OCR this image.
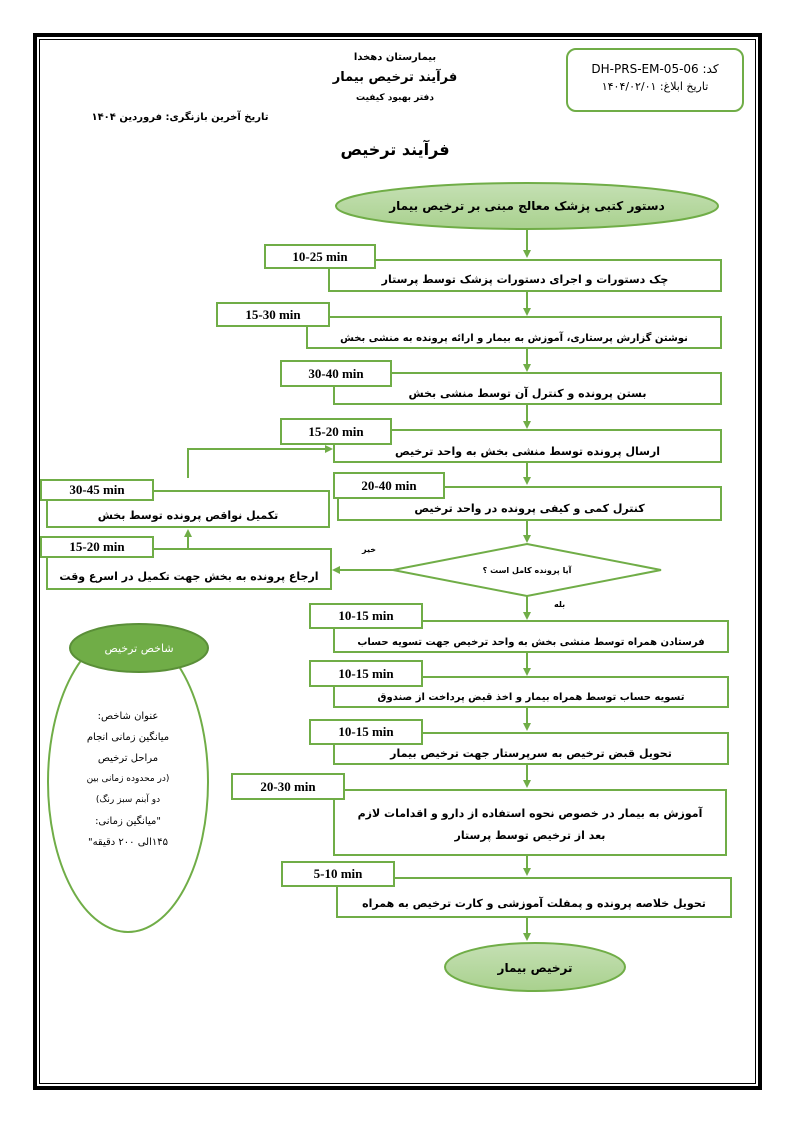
بیمارستان دهخدا
فرآیند ترخیص بیمار
دفتر بهبود کیفیت
تاریخ آخرین بازنگری: فروردین ۱۴۰۴
فرآیند ترخیص
کد: DH-PRS-EM-05-06
تاریخ ابلاغ: ۱۴۰۴/۰۲/۰۱
دستور کتبی پزشک معالج مبنی بر ترخیص بیمار
چک دستورات و اجرای دستورات پزشک توسط پرستار
10-25 min
نوشتن گزارش پرستاری، آموزش به بیمار و ارائه پرونده به منشی بخش
15-30 min
بستن پرونده و کنترل آن توسط منشی بخش
30-40 min
ارسال پرونده توسط منشی بخش به واحد ترخیص
15-20 min
کنترل کمی و کیفی پرونده در واحد ترخیص
20-40 min
آیا پرونده کامل است ؟
خیر
بله
تکمیل نواقص پرونده توسط بخش
30-45 min
ارجاع پرونده به بخش جهت تکمیل در اسرع وقت
15-20 min
فرستادن همراه توسط منشی بخش به واحد ترخیص جهت تسویه حساب
10-15 min
تسویه حساب توسط همراه بیمار و اخذ قبض پرداخت از صندوق
10-15 min
تحویل قبض ترخیص به سرپرستار جهت ترخیص بیمار
10-15 min
آموزش به بیمار در خصوص نحوه استفاده از دارو و اقدامات لازم بعد از ترخیص توسط پرستار
20-30 min
تحویل خلاصه پرونده و پمفلت آموزشی و کارت ترخیص به همراه
5-10 min
ترخیص بیمار
شاخص ترخیص
عنوان شاخص:
میانگین زمانی انجام
مراحل ترخیص
(در محدوده زمانی بین
دو آبنم سبز رنگ)
"میانگین زمانی:
۱۴۵الی ۲۰۰ دقیقه"
